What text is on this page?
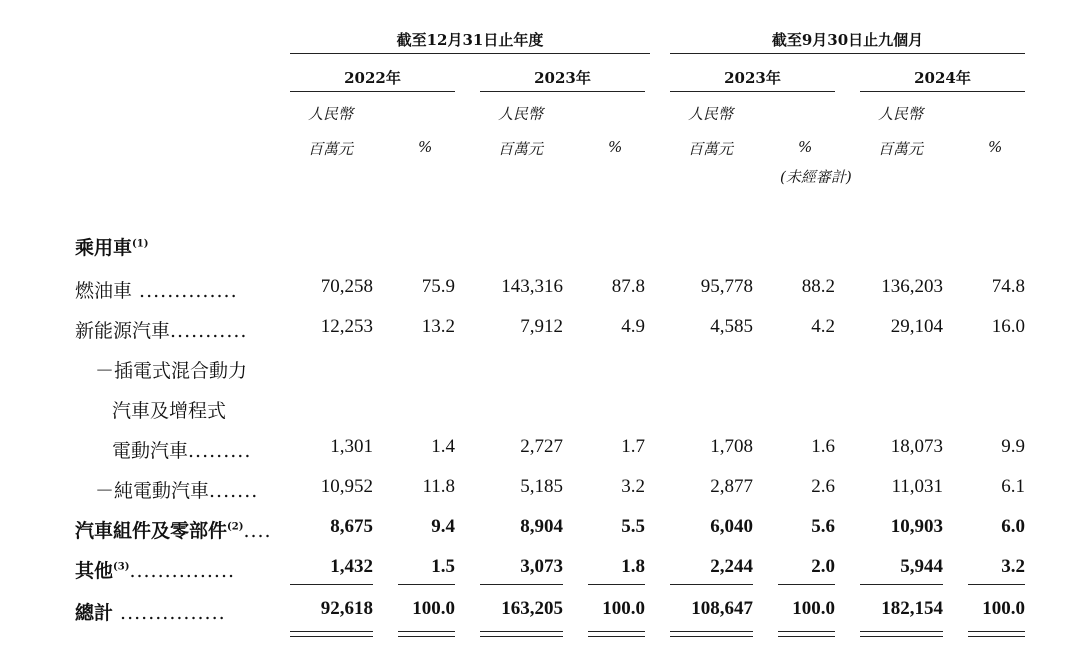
截至12月31日止年度	截至9月30日止九個月
2022年	2023年	2023年	2024年
人民幣
百萬元	%
人民幣
百萬元	%
人民幣
百萬元	%
(未經審計)
人民幣
百萬元	%
乘用車$^{(1)}$
燃油車 ..............	70,258	75.9	143,316	87.8	95,778	88.2	136,203	74.8
新能源汽車...........	12,253	13.2	7,912	4.9	4,585	4.2	29,104	16.0
－插電式混合動力
汽車及增程式
電動汽車.........	1,301	1.4	2,727	1.7	1,708	1.6	18,073	9.9
－純電動汽車.......	10,952	11.8	5,185	3.2	2,877	2.6	11,031	6.1
汽車組件及零部件$^{(2)}$....	8,675	9.4	8,904	5.5	6,040	5.6	10,903	6.0
其他$^{(3)}$...............	1,432	1.5	3,073	1.8	2,244	2.0	5,944	3.2
總計 ...............	92,618	100.0	163,205	100.0	108,647	100.0	182,154	100.0
